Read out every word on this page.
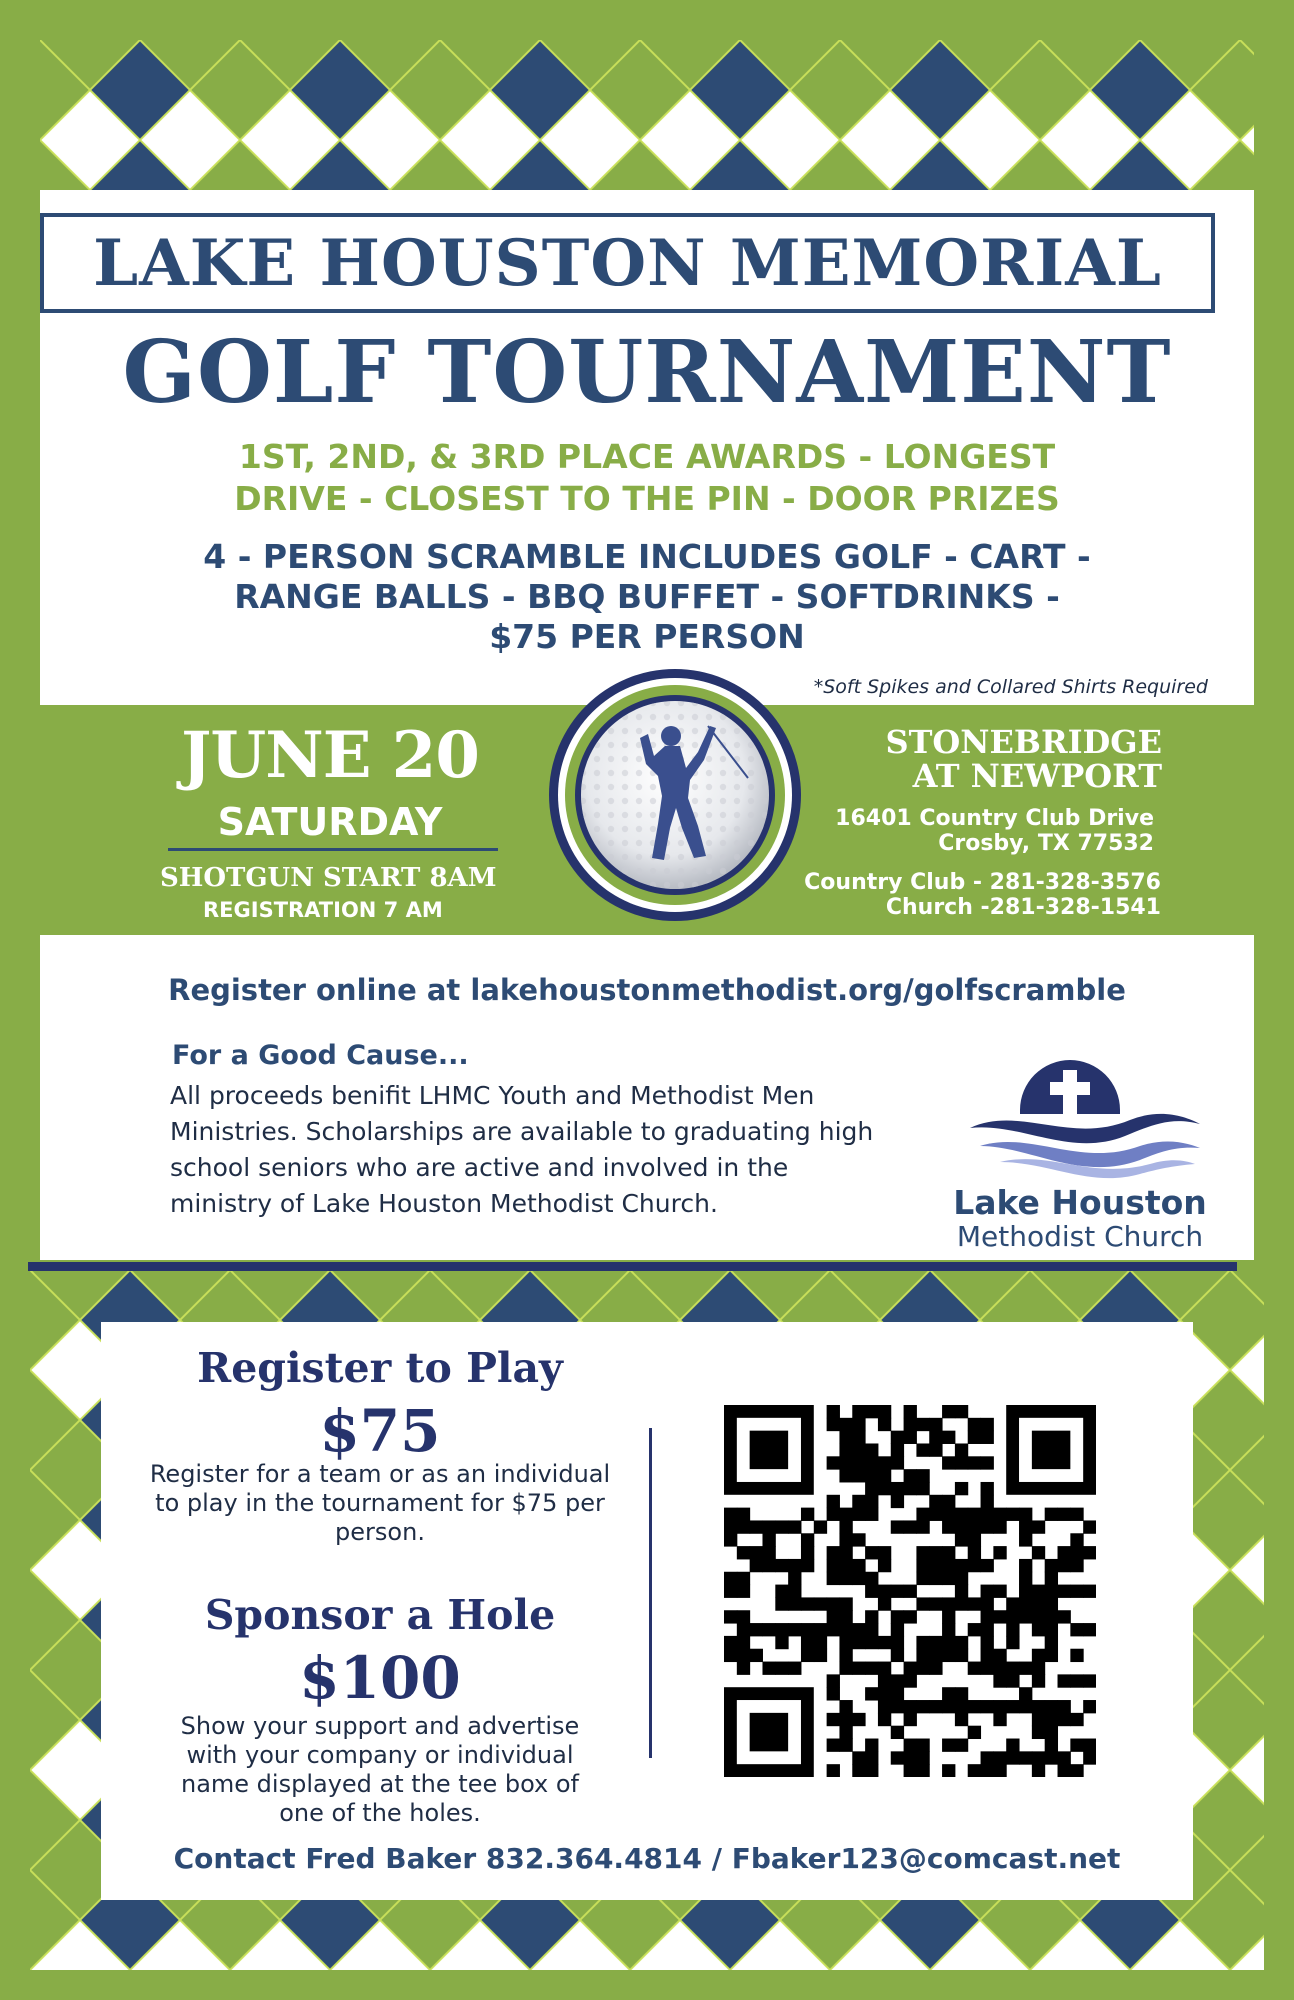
LAKE HOUSTON MEMORIAL
GOLF TOURNAMENT
1ST, 2ND, & 3RD PLACE AWARDS - LONGEST
DRIVE - CLOSEST TO THE PIN - DOOR PRIZES
4 - PERSON SCRAMBLE INCLUDES GOLF - CART -
RANGE BALLS - BBQ BUFFET - SOFTDRINKS -
$75 PER PERSON
*Soft Spikes and Collared Shirts Required
JUNE 20
SATURDAY
SHOTGUN START 8AM
REGISTRATION 7 AM
STONEBRIDGE
AT NEWPORT
16401 Country Club Drive
Crosby, TX 77532
Country Club - 281-328-3576
Church -281-328-1541
Register online at lakehoustonmethodist.org/golfscramble
For a Good Cause...
All proceeds benifit LHMC Youth and Methodist Men
Ministries. Scholarships are available to graduating high
school seniors who are active and involved in the
ministry of Lake Houston Methodist Church.	Lake Houston
Methodist Church
Register to Play
$75
Register for a team or as an individual
to play in the tournament for $75 per
person.
Sponsor a Hole
$100
Show your support and advertise
with your company or individual
name displayed at the tee box of
one of the holes.
Contact Fred Baker 832.364.4814 / Fbaker123@comcast.net
